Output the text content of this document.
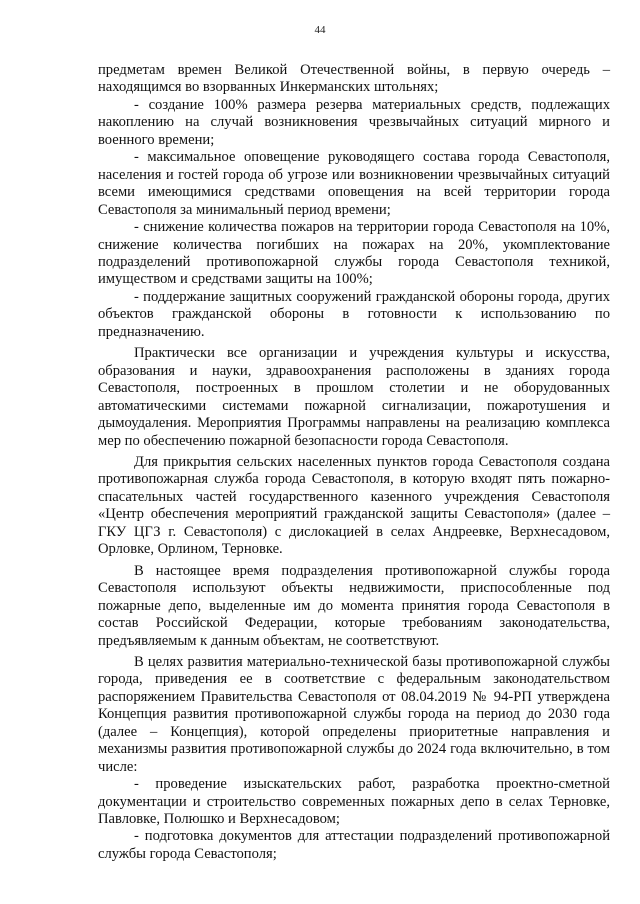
44

предметам времен Великой Отечественной войны, в первую очередь – находящимся во взорванных Инкерманских штольнях;

- создание 100% размера резерва материальных средств, подлежащих накоплению на случай возникновения чрезвычайных ситуаций мирного и военного времени;

- максимальное оповещение руководящего состава города Севастополя, населения и гостей города об угрозе или возникновении чрезвычайных ситуаций всеми имеющимися средствами оповещения на всей территории города Севастополя за минимальный период времени;

- снижение количества пожаров на территории города Севастополя на 10%, снижение количества погибших на пожарах на 20%, укомплектование подразделений противопожарной службы города Севастополя техникой, имуществом и средствами защиты на 100%;

- поддержание защитных сооружений гражданской обороны города, других объектов гражданской обороны в готовности к использованию по предназначению.

Практически все организации и учреждения культуры и искусства, образования и науки, здравоохранения расположены в зданиях города Севастополя, построенных в прошлом столетии и не оборудованных автоматическими системами пожарной сигнализации, пожаротушения и дымоудаления. Мероприятия Программы направлены на реализацию комплекса мер по обеспечению пожарной безопасности города Севастополя.

Для прикрытия сельских населенных пунктов города Севастополя создана противопожарная служба города Севастополя, в которую входят пять пожарно-спасательных частей государственного казенного учреждения Севастополя «Центр обеспечения мероприятий гражданской защиты Севастополя» (далее – ГКУ ЦГЗ г. Севастополя) с дислокацией в селах Андреевке, Верхнесадовом, Орловке, Орлином, Терновке.

В настоящее время подразделения противопожарной службы города Севастополя используют объекты недвижимости, приспособленные под пожарные депо, выделенные им до момента принятия города Севастополя в состав Российской Федерации, которые требованиям законодательства, предъявляемым к данным объектам, не соответствуют.

В целях развития материально-технической базы противопожарной службы города, приведения ее в соответствие с федеральным законодательством распоряжением Правительства Севастополя от 08.04.2019 № 94-РП утверждена Концепция развития противопожарной службы города на период до 2030 года (далее – Концепция), которой определены приоритетные направления и механизмы развития противопожарной службы до 2024 года включительно, в том числе:

- проведение изыскательских работ, разработка проектно-сметной документации и строительство современных пожарных депо в селах Терновке, Павловке, Полюшко и Верхнесадовом;

- подготовка документов для аттестации подразделений противопожарной службы города Севастополя;
